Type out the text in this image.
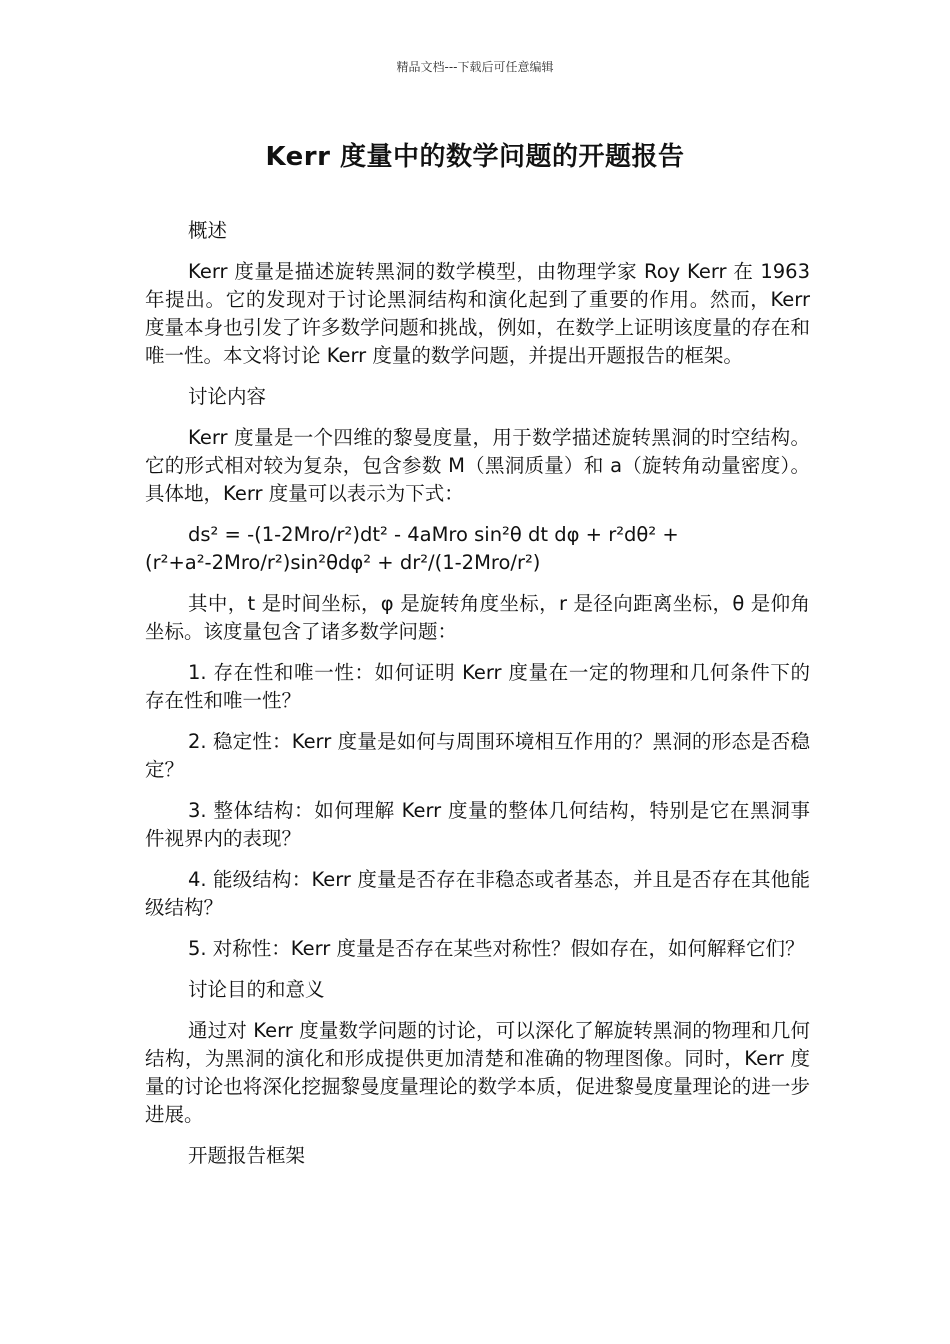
精品文档---下载后可任意编辑
Kerr 度量中的数学问题的开题报告

概述

Kerr 度量是描述旋转黑洞的数学模型，由物理学家 Roy Kerr 在 1963 年提出。它的发现对于讨论黑洞结构和演化起到了重要的作用。然而，Kerr 度量本身也引发了许多数学问题和挑战，例如，在数学上证明该度量的存在和唯一性。本文将讨论 Kerr 度量的数学问题，并提出开题报告的框架。

讨论内容

Kerr 度量是一个四维的黎曼度量，用于数学描述旋转黑洞的时空结构。它的形式相对较为复杂，包含参数 M（黑洞质量）和 a（旋转角动量密度）。具体地，Kerr 度量可以表示为下式：

ds² = -(1-2Mro/r²)dt² - 4aMro sin²θ dt dφ + r²dθ² + (r²+a²-2Mro/r²)sin²θdφ² + dr²/(1-2Mro/r²)

其中，t 是时间坐标，φ 是旋转角度坐标，r 是径向距离坐标，θ 是仰角坐标。该度量包含了诸多数学问题：

1. 存在性和唯一性：如何证明 Kerr 度量在一定的物理和几何条件下的存在性和唯一性？

2. 稳定性：Kerr 度量是如何与周围环境相互作用的？黑洞的形态是否稳定？

3. 整体结构：如何理解 Kerr 度量的整体几何结构，特别是它在黑洞事件视界内的表现？

4. 能级结构：Kerr 度量是否存在非稳态或者基态，并且是否存在其他能级结构？

5. 对称性：Kerr 度量是否存在某些对称性？假如存在，如何解释它们？

讨论目的和意义

通过对 Kerr 度量数学问题的讨论，可以深化了解旋转黑洞的物理和几何结构，为黑洞的演化和形成提供更加清楚和准确的物理图像。同时，Kerr 度量的讨论也将深化挖掘黎曼度量理论的数学本质，促进黎曼度量理论的进一步进展。

开题报告框架
